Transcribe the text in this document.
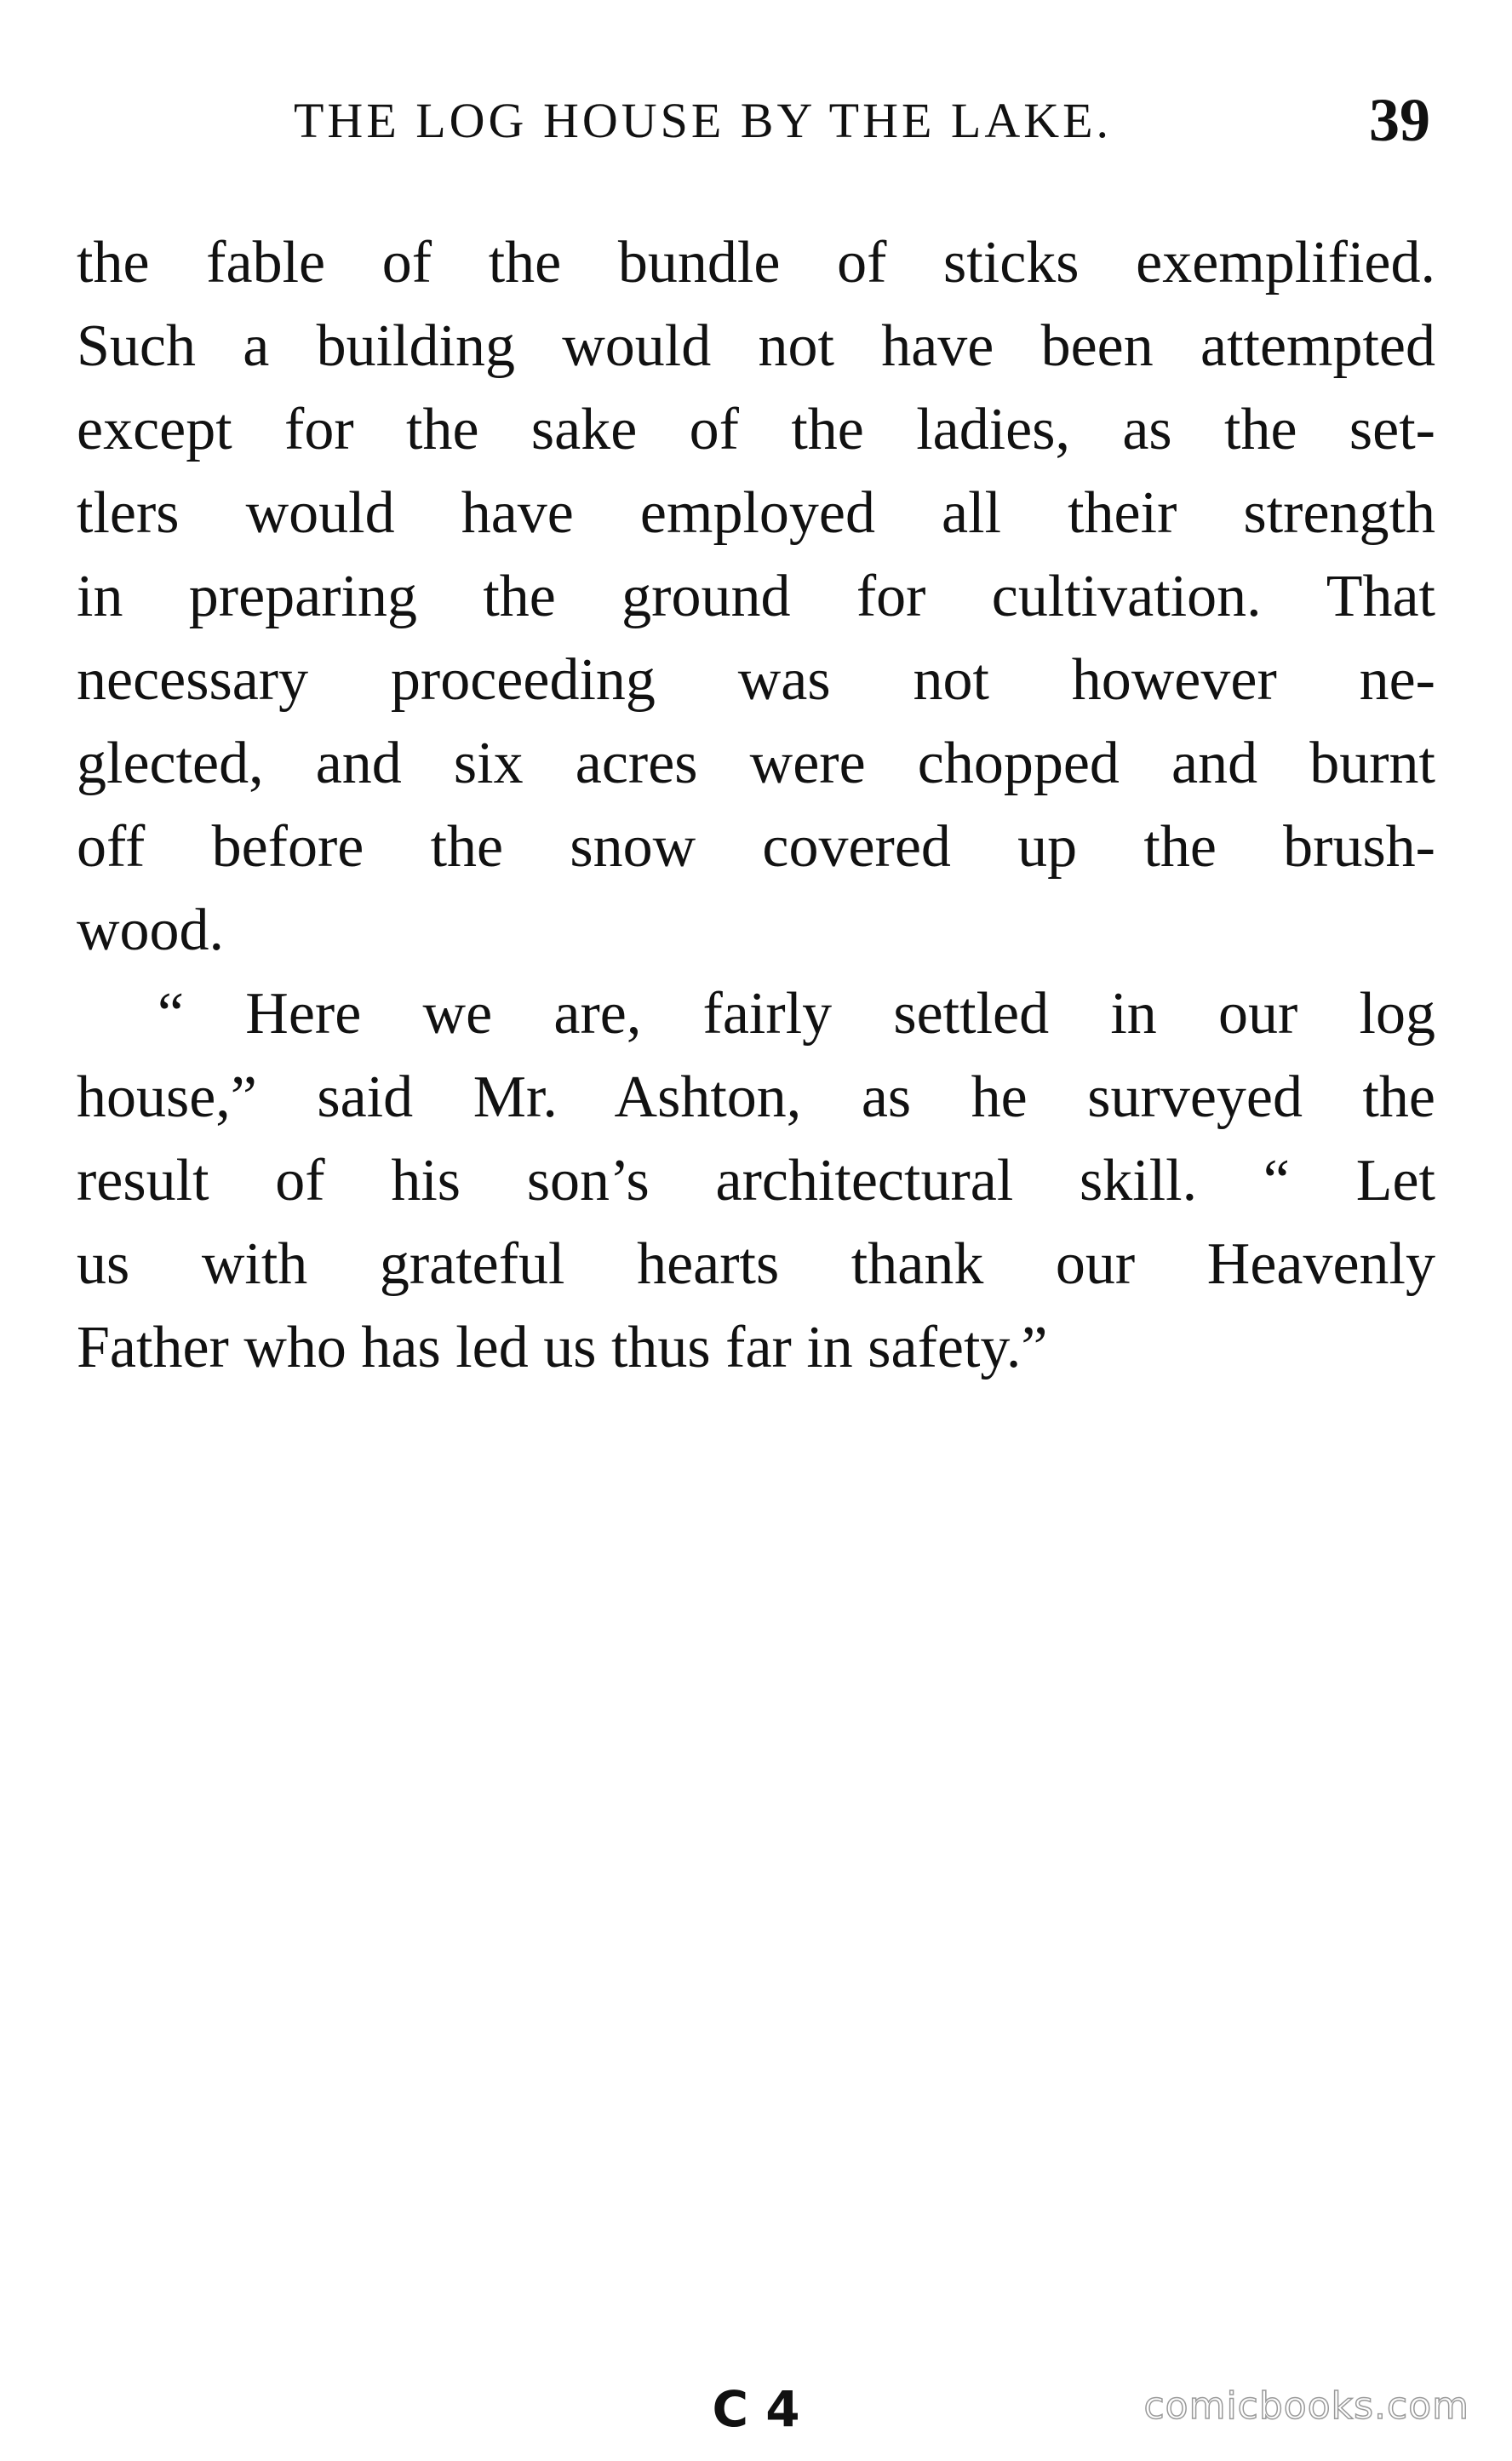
THE LOG HOUSE BY THE LAKE.	39
the fable of the bundle of sticks exemplified.
Such a building would not have been attempted
except for the sake of the ladies, as the set-
tlers would have employed all their strength
in preparing the ground for cultivation. That
necessary proceeding was not however ne-
glected, and six acres were chopped and burnt
off before the snow covered up the brush-
wood.
“ Here we are, fairly settled in our log
house,” said Mr. Ashton, as he surveyed the
result of his son’s architectural skill. “ Let
us with grateful hearts thank our Heavenly
Father who has led us thus far in safety.”
C 4	comicbooks.com
